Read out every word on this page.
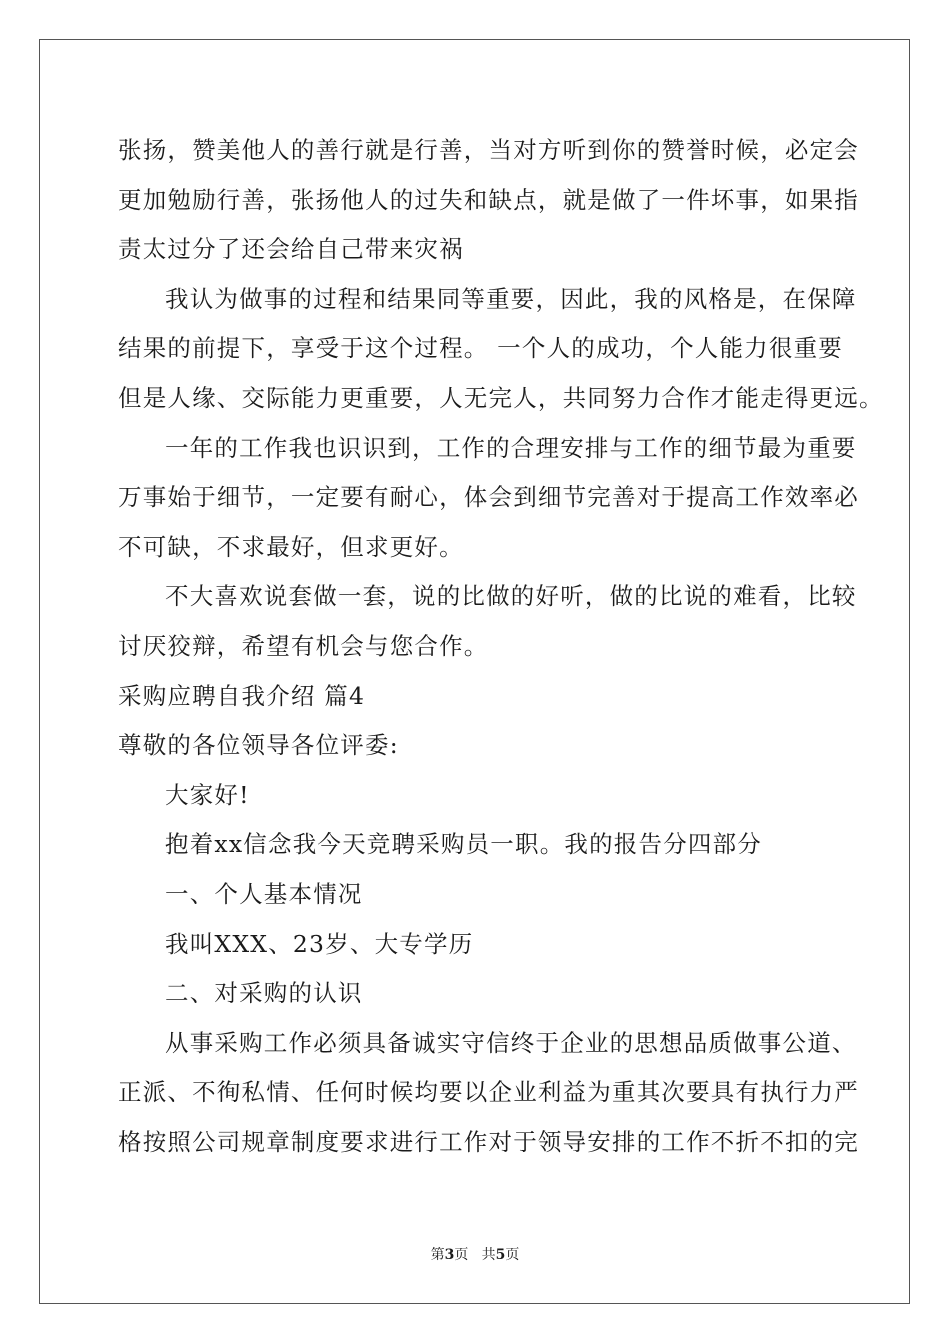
张扬，赞美他人的善行就是行善，当对方听到你的赞誉时候，必定会
更加勉励行善，张扬他人的过失和缺点，就是做了一件坏事，如果指
责太过分了还会给自己带来灾祸
我认为做事的过程和结果同等重要，因此，我的风格是，在保障
结果的前提下，享受于这个过程。 一个人的成功，个人能力很重要
但是人缘、交际能力更重要，人无完人，共同努力合作才能走得更远。
一年的工作我也识识到，工作的合理安排与工作的细节最为重要
万事始于细节，一定要有耐心，体会到细节完善对于提高工作效率必
不可缺，不求最好，但求更好。
不大喜欢说套做一套，说的比做的好听，做的比说的难看，比较
讨厌狡辩，希望有机会与您合作。
采购应聘自我介绍 篇4
尊敬的各位领导各位评委:
大家好!
抱着xx信念我今天竞聘采购员一职。我的报告分四部分
一、个人基本情况
我叫XXX、23岁、大专学历
二、对采购的认识
从事采购工作必须具备诚实守信终于企业的思想品质做事公道、
正派、不徇私情、任何时候均要以企业利益为重其次要具有执行力严
格按照公司规章制度要求进行工作对于领导安排的工作不折不扣的完
第3页 共5页
